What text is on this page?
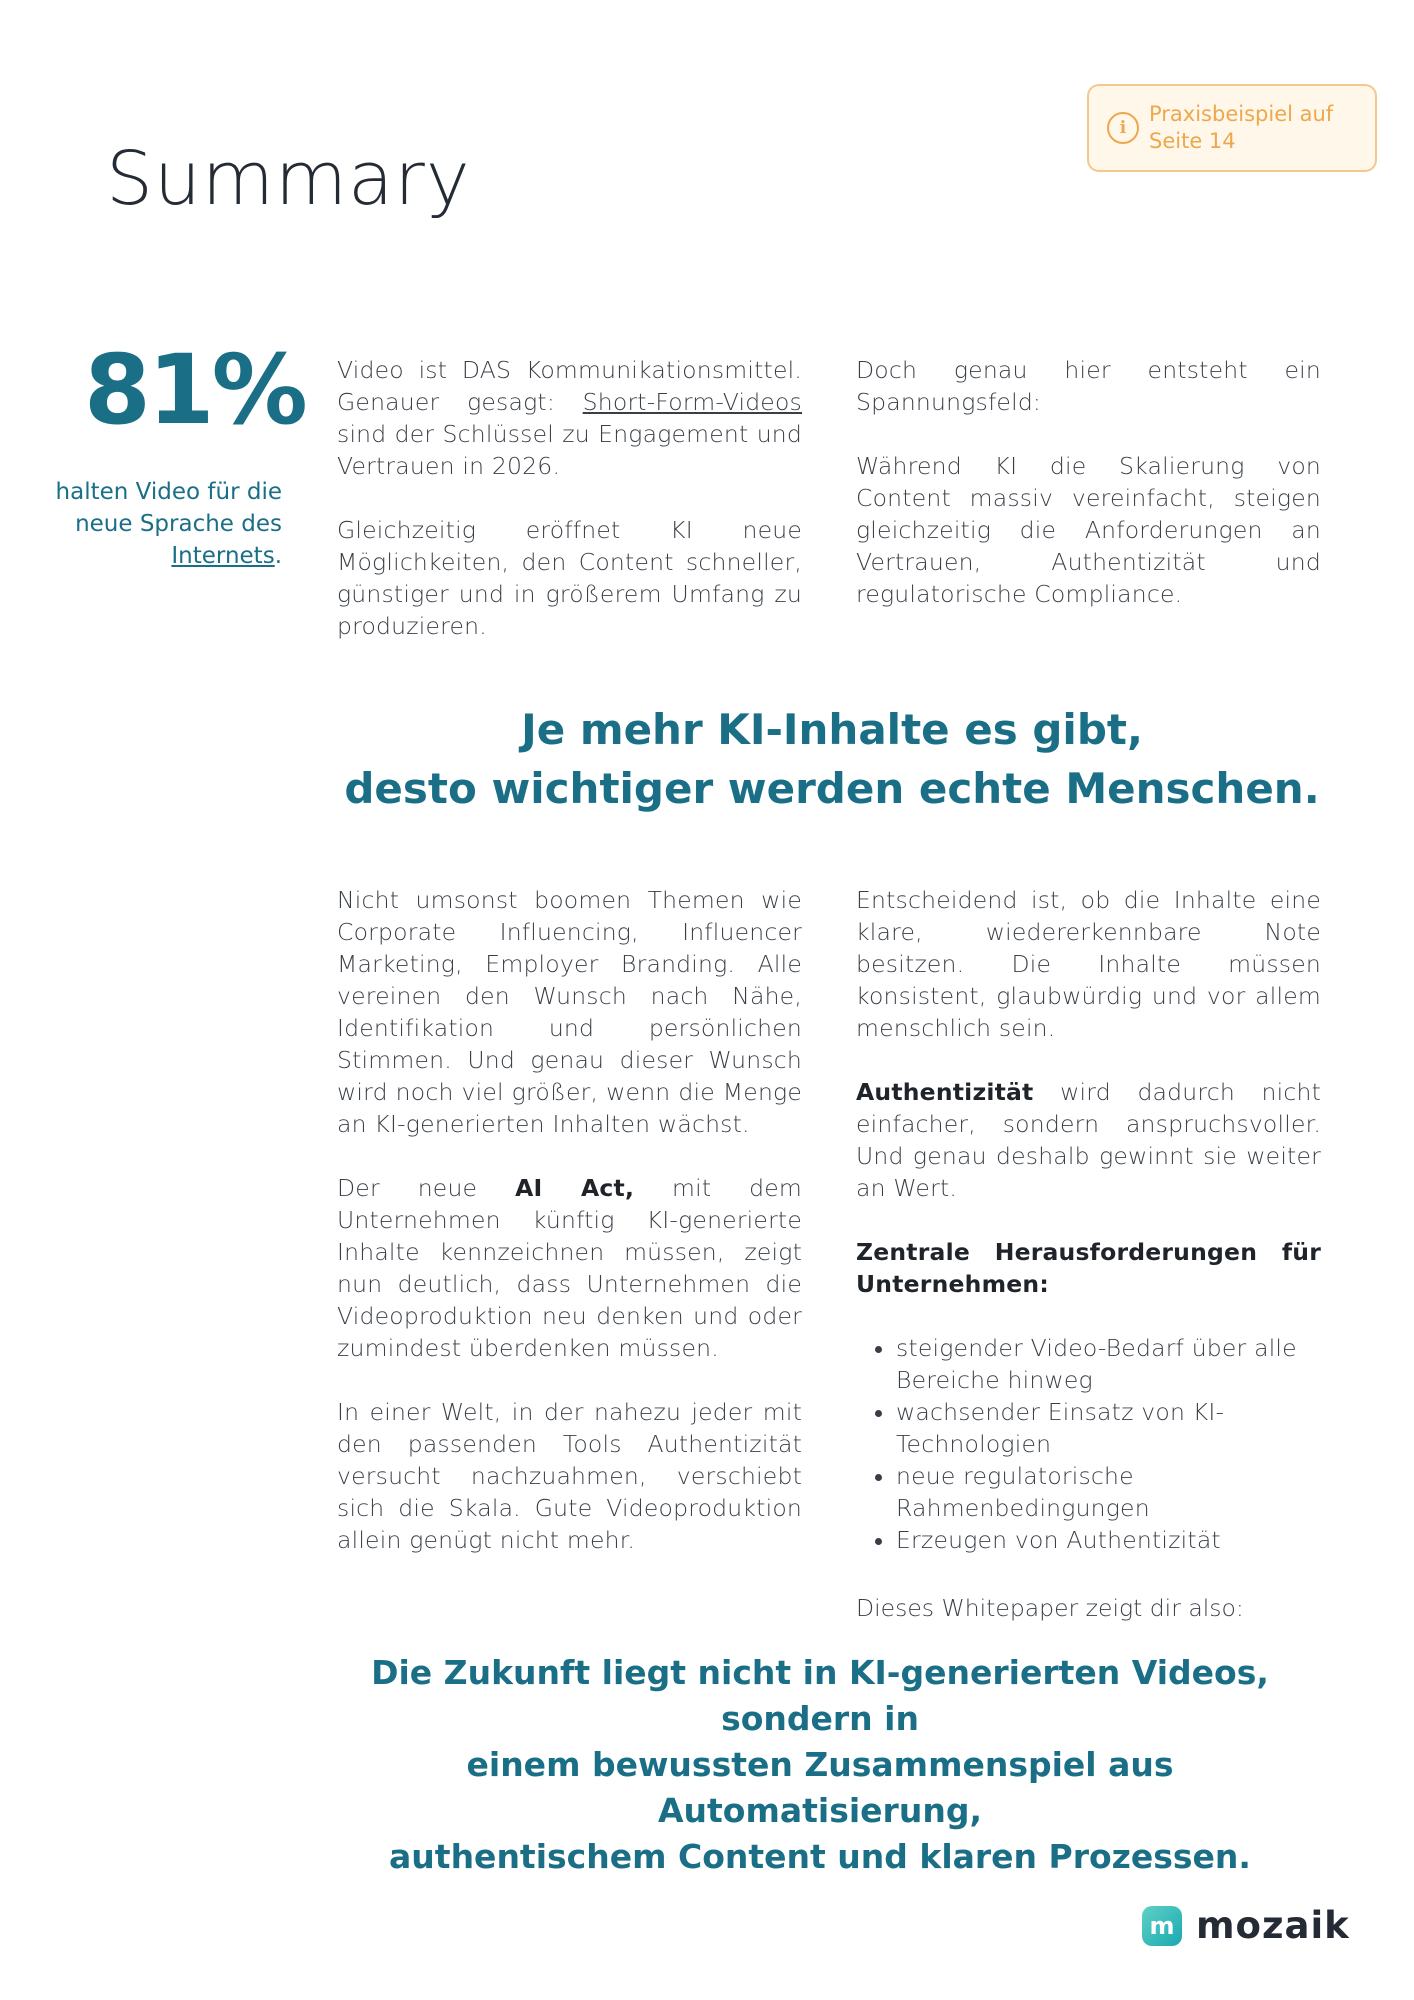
Summary
i
Praxisbeispiel auf
Seite 14
81%
halten Video für die
neue Sprache des
Internets.

Video ist DAS Kommunikationsmittel. Genauer gesagt: Short-Form-Videos sind der Schlüssel zu Engagement und Vertrauen in 2026.

Gleichzeitig eröffnet KI neue Möglichkeiten, den Content schneller, günstiger und in größerem Umfang zu produzieren.

Doch genau hier entsteht ein Spannungsfeld:

Während KI die Skalierung von Content massiv vereinfacht, steigen gleichzeitig die Anforderungen an Vertrauen, Authentizität und regulatorische Compliance.

Je mehr KI-Inhalte es gibt,
desto wichtiger werden echte Menschen.

Nicht umsonst boomen Themen wie Corporate Influencing, Influencer Marketing, Employer Branding. Alle vereinen den Wunsch nach Nähe, Identifikation und persönlichen Stimmen. Und genau dieser Wunsch wird noch viel größer, wenn die Menge an KI-generierten Inhalten wächst.

Der neue AI Act, mit dem Unternehmen künftig KI-generierte Inhalte kennzeichnen müssen, zeigt nun deutlich, dass Unternehmen die Videoproduktion neu denken und oder zumindest überdenken müssen.

In einer Welt, in der nahezu jeder mit den passenden Tools Authentizität versucht nachzuahmen, verschiebt sich die Skala. Gute Videoproduktion allein genügt nicht mehr.

Entscheidend ist, ob die Inhalte eine klare, wiedererkennbare Note besitzen. Die Inhalte müssen konsistent, glaubwürdig und vor allem menschlich sein.

Authentizität wird dadurch nicht einfacher, sondern anspruchsvoller. Und genau deshalb gewinnt sie weiter an Wert.

Zentrale Herausforderungen für Unternehmen:

• steigender Video-Bedarf über alle Bereiche hinweg
• wachsender Einsatz von KI-Technologien
• neue regulatorische Rahmenbedingungen
• Erzeugen von Authentizität
Dieses Whitepaper zeigt dir also:
Die Zukunft liegt nicht in KI-generierten Videos, sondern in
einem bewussten Zusammenspiel aus Automatisierung,
authentischem Content und klaren Prozessen.
m mozaik
